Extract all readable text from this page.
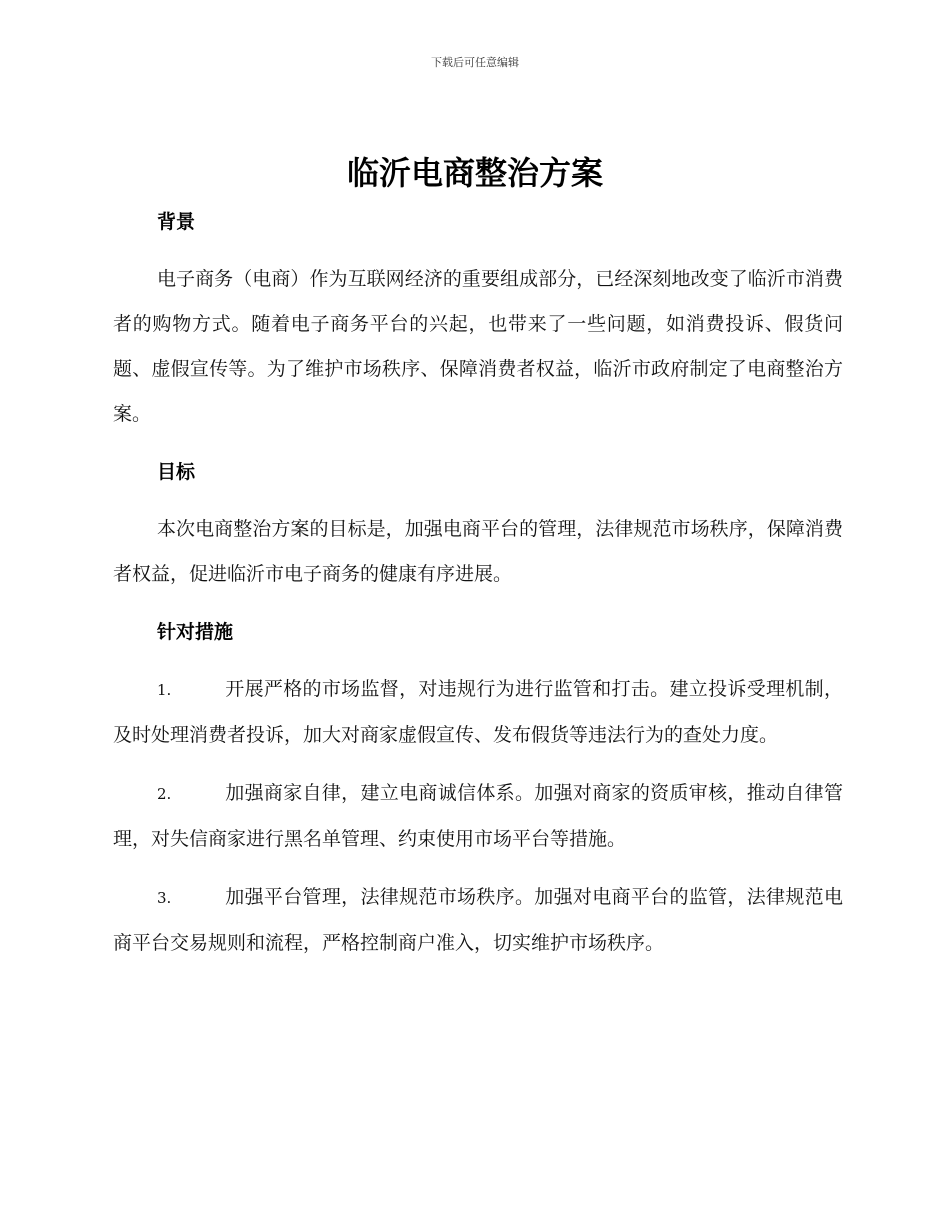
下载后可任意编辑
临沂电商整治方案
背景

电子商务（电商）作为互联网经济的重要组成部分，已经深刻地改变了临沂市消费者的购物方式。随着电子商务平台的兴起，也带来了一些问题，如消费投诉、假货问题、虚假宣传等。为了维护市场秩序、保障消费者权益，临沂市政府制定了电商整治方案。

目标

本次电商整治方案的目标是，加强电商平台的管理，法律规范市场秩序，保障消费者权益，促进临沂市电子商务的健康有序进展。

针对措施

1.	开展严格的市场监督，对违规行为进行监管和打击。建立投诉受理机制，及时处理消费者投诉，加大对商家虚假宣传、发布假货等违法行为的查处力度。

2.	加强商家自律，建立电商诚信体系。加强对商家的资质审核，推动自律管理，对失信商家进行黑名单管理、约束使用市场平台等措施。

3.	加强平台管理，法律规范市场秩序。加强对电商平台的监管，法律规范电商平台交易规则和流程，严格控制商户准入，切实维护市场秩序。
